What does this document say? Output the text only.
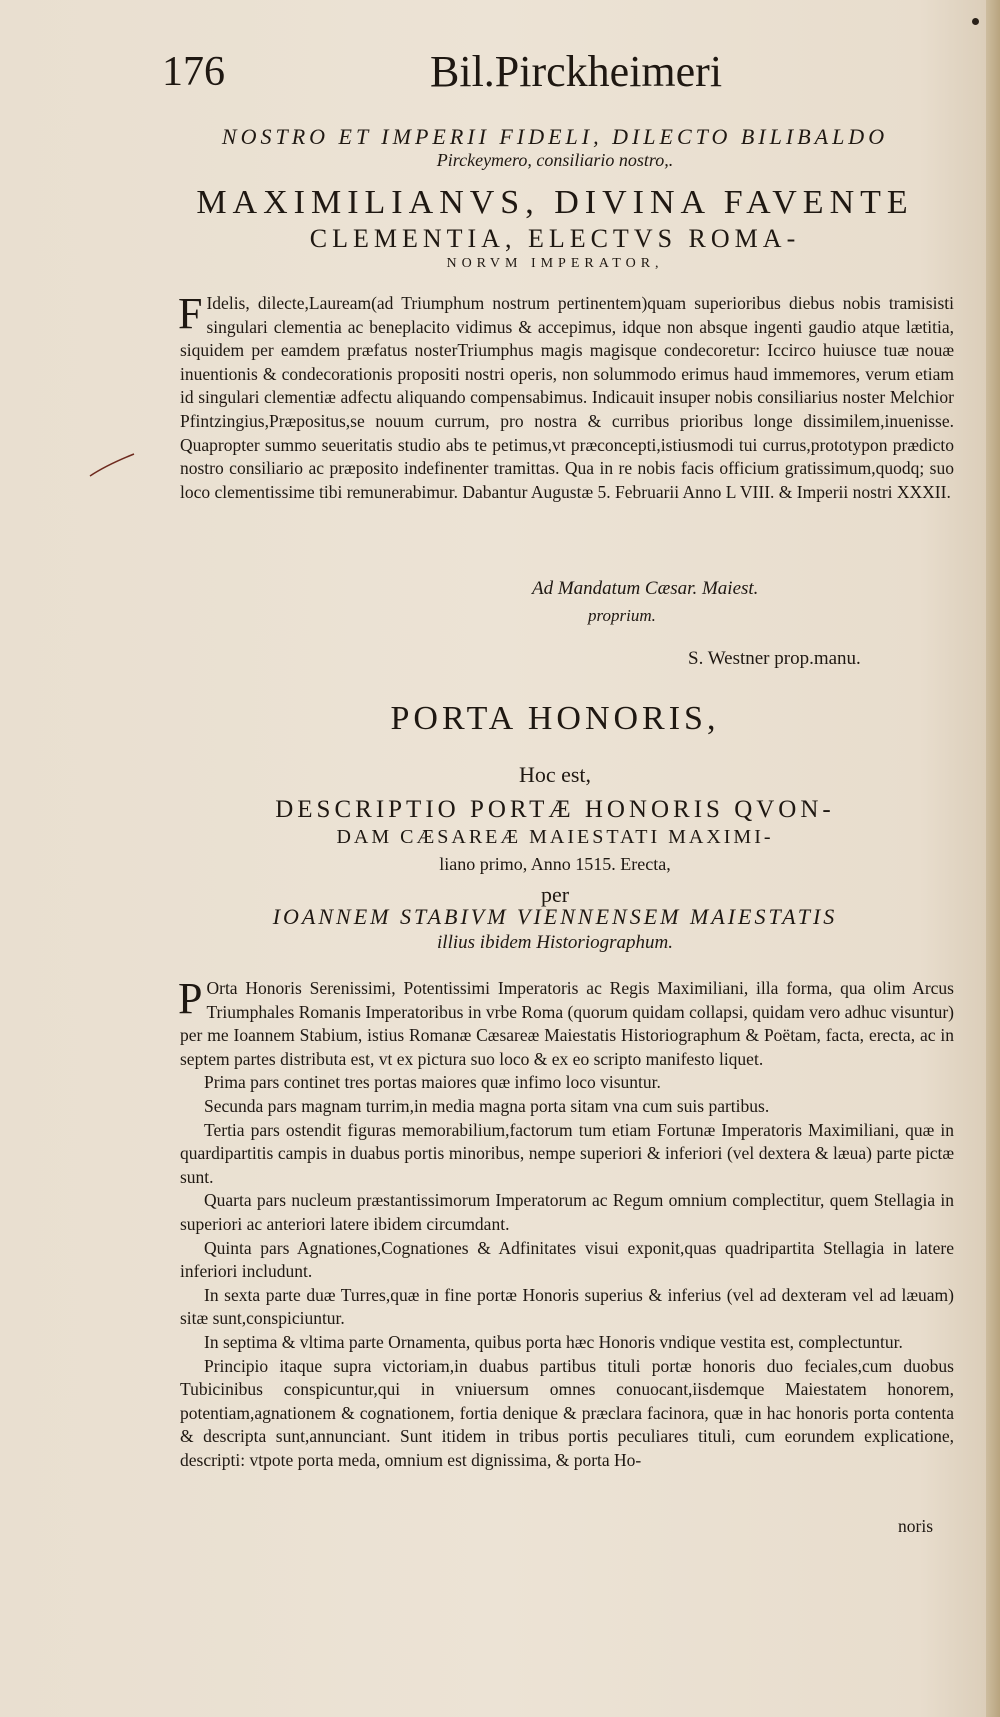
176	Bil.Pirckheimeri
NOSTRO ET IMPERII FIDELI, DILECTO BILIBALDO
Pirckeymero, consiliario nostro,.
MAXIMILIANVS, DIVINA FAVENTE
CLEMENTIA, ELECTVS ROMA-
NORVM IMPERATOR,

F Idelis, dilecte,Lauream(ad Triumphum nostrum pertinentem)quam superioribus diebus nobis tramisisti singulari clementia ac beneplacito vidimus & accepimus, idque non absque ingenti gaudio atque lætitia, siquidem per eamdem præfatus nosterTriumphus magis magisque condecoretur: Iccirco huiusce tuæ nouæ inuentionis & condecorationis propositi nostri operis, non solummodo erimus haud immemores, verum etiam id singulari clementiæ adfectu aliquando compensabimus. Indicauit insuper nobis consiliarius noster Melchior Pfintzingius,Præpositus,se nouum currum, pro nostra & curribus prioribus longe dissimilem,inuenisse. Quapropter summo seueritatis studio abs te petimus,vt præconcepti,istiusmodi tui currus,prototypon prædicto nostro consiliario ac præposito indefinenter tramittas. Qua in re nobis facis officium gratissimum,quodq; suo loco clementissime tibi remunerabimur. Dabantur Augustæ 5. Februarii Anno L VIII. & Imperii nostri XXXII.

Ad Mandatum Cæsar. Maiest.
proprium.
S. Westner prop.manu.
PORTA HONORIS,
Hoc est,
DESCRIPTIO PORTÆ HONORIS QVON-
DAM CÆSAREÆ MAIESTATI MAXIMI-
liano primo, Anno 1515. Erecta,
per
IOANNEM STABIVM VIENNENSEM MAIESTATIS
illius ibidem Historiographum.
P Orta Honoris Serenissimi, Potentissimi Imperatoris ac Regis Maximiliani, illa forma, qua olim Arcus Triumphales Romanis Imperatoribus in vrbe Roma (quorum quidam collapsi, quidam vero adhuc visuntur) per me Ioannem Stabium, istius Romanæ Cæsareæ Maiestatis Historiographum & Poëtam, facta, erecta, ac in septem partes distributa est, vt ex picturа suo loco & ex eo scripto manifesto liquet.
Prima pars continet tres portas maiores quæ infimo loco visuntur.
Secunda pars magnam turrim,in media magna porta sitam vna cum suis partibus.
Tertia pars ostendit figuras memorabilium,factorum tum etiam Fortunæ Imperatoris Maximiliani, quæ in quardipartitis campis in duabus portis minoribus, nempe superiori & inferiori (vel dextera & læua) parte pictæ sunt.
Quarta pars nucleum præstantissimorum Imperatorum ac Regum omnium complectitur, quem Stellagia in superiori ac anteriori latere ibidem circumdant.
Quinta pars Agnationes,Cognationes & Adfinitates visui exponit,quas quadripartita Stellagia in latere inferiori includunt.
In sexta parte duæ Turres,quæ in fine portæ Honoris superius & inferius (vel ad dexteram vel ad læuam) sitæ sunt,conspiciuntur.
In septima & vltima parte Ornamenta, quibus porta hæc Honoris vndique vestita est, complectuntur.
Principio itaque supra victoriam,in duabus partibus tituli portæ honoris duo feciales,cum duobus Tubicinibus conspicuntur,qui in vniuersum omnes conuocant,iisdemque Maiestatem honorem, potentiam,agnationem & cognationem, fortia denique & præclara facinora, quæ in hac honoris porta contenta & descripta sunt,annunciant. Sunt itidem in tribus portis peculiares tituli, cum eorundem explicatione, descripti: vtpote porta meda, omnium est dignissima, & porta Ho-
noris
